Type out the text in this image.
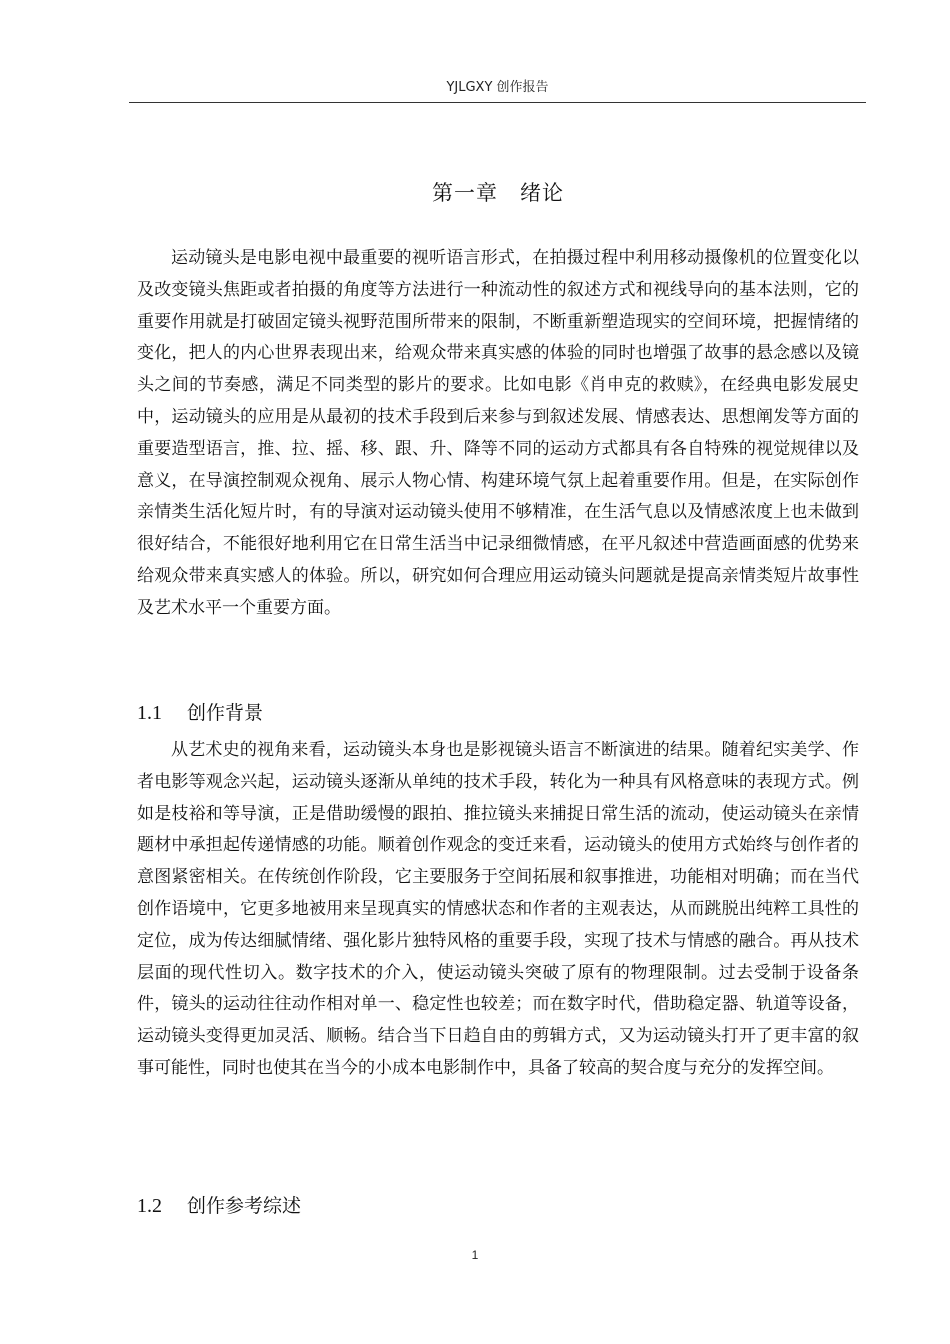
YJLGXY 创作报告
第一章　绪论

运动镜头是电影电视中最重要的视听语言形式，在拍摄过程中利用移动摄像机的位置变化以及改变镜头焦距或者拍摄的角度等方法进行一种流动性的叙述方式和视线导向的基本法则，它的重要作用就是打破固定镜头视野范围所带来的限制，不断重新塑造现实的空间环境，把握情绪的变化，把人的内心世界表现出来，给观众带来真实感的体验的同时也增强了故事的悬念感以及镜头之间的节奏感，满足不同类型的影片的要求。比如电影《肖申克的救赎》，在经典电影发展史中，运动镜头的应用是从最初的技术手段到后来参与到叙述发展、情感表达、思想阐发等方面的重要造型语言，推、拉、摇、移、跟、升、降等不同的运动方式都具有各自特殊的视觉规律以及意义，在导演控制观众视角、展示人物心情、构建环境气氛上起着重要作用。但是，在实际创作亲情类生活化短片时，有的导演对运动镜头使用不够精准，在生活气息以及情感浓度上也未做到很好结合，不能很好地利用它在日常生活当中记录细微情感，在平凡叙述中营造画面感的优势来给观众带来真实感人的体验。所以，研究如何合理应用运动镜头问题就是提高亲情类短片故事性及艺术水平一个重要方面。

1.1 创作背景

从艺术史的视角来看，运动镜头本身也是影视镜头语言不断演进的结果。随着纪实美学、作者电影等观念兴起，运动镜头逐渐从单纯的技术手段，转化为一种具有风格意味的表现方式。例如是枝裕和等导演，正是借助缓慢的跟拍、推拉镜头来捕捉日常生活的流动，使运动镜头在亲情题材中承担起传递情感的功能。顺着创作观念的变迁来看，运动镜头的使用方式始终与创作者的意图紧密相关。在传统创作阶段，它主要服务于空间拓展和叙事推进，功能相对明确；而在当代创作语境中，它更多地被用来呈现真实的情感状态和作者的主观表达，从而跳脱出纯粹工具性的定位，成为传达细腻情绪、强化影片独特风格的重要手段，实现了技术与情感的融合。再从技术层面的现代性切入。数字技术的介入，使运动镜头突破了原有的物理限制。过去受制于设备条件，镜头的运动往往动作相对单一、稳定性也较差；而在数字时代，借助稳定器、轨道等设备，运动镜头变得更加灵活、顺畅。结合当下日趋自由的剪辑方式，又为运动镜头打开了更丰富的叙事可能性，同时也使其在当今的小成本电影制作中，具备了较高的契合度与充分的发挥空间。

1.2 创作参考综述
1
